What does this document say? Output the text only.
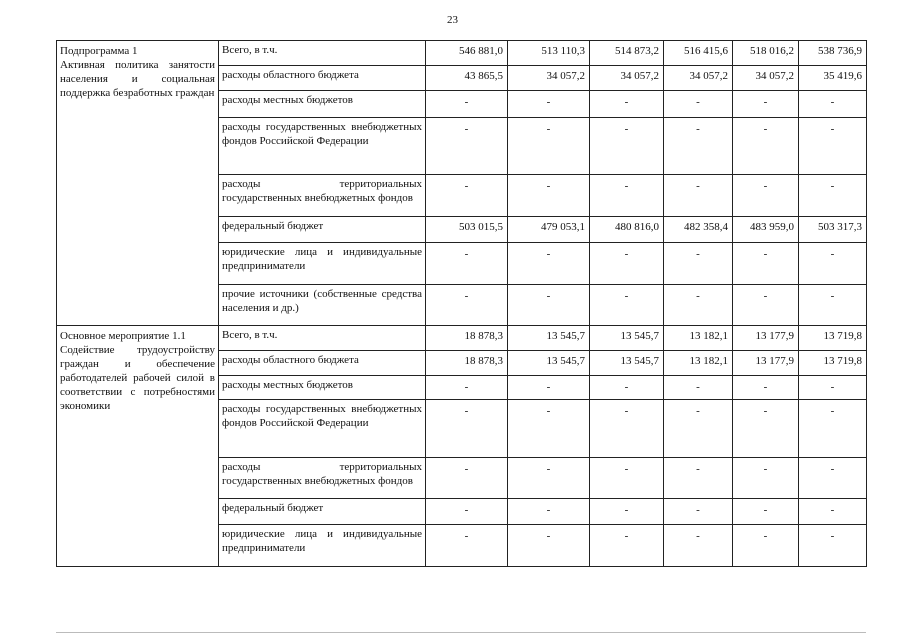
23
Подпрограмма 1
Активная политика занятости населения и социальная поддержка безработных граждан	Всего, в т.ч.	546 881,0	513 110,3	514 873,2	516 415,6	518 016,2	538 736,9
	расходы областного бюджета	43 865,5	34 057,2	34 057,2	34 057,2	34 057,2	35 419,6
	расходы местных бюджетов	-	-	-	-	-	-
	расходы государственных внебюджетных фондов Российской Федерации	-	-	-	-	-	-
	расходы территориальных государственных внебюджетных фондов	-	-	-	-	-	-
	федеральный бюджет	503 015,5	479 053,1	480 816,0	482 358,4	483 959,0	503 317,3
	юридические лица и индивидуальные предприниматели	-	-	-	-	-	-
	прочие источники (собственные средства населения и др.)	-	-	-	-	-	-

Основное мероприятие 1.1
Содействие трудоустройству граждан и обеспечение работодателей рабочей силой в соответствии с потребностями экономики	Всего, в т.ч.	18 878,3	13 545,7	13 545,7	13 182,1	13 177,9	13 719,8
	расходы областного бюджета	18 878,3	13 545,7	13 545,7	13 182,1	13 177,9	13 719,8
	расходы местных бюджетов	-	-	-	-	-	-
	расходы государственных внебюджетных фондов Российской Федерации	-	-	-	-	-	-
	расходы территориальных государственных внебюджетных фондов	-	-	-	-	-	-
	федеральный бюджет	-	-	-	-	-	-
	юридические лица и индивидуальные предприниматели	-	-	-	-	-	-
